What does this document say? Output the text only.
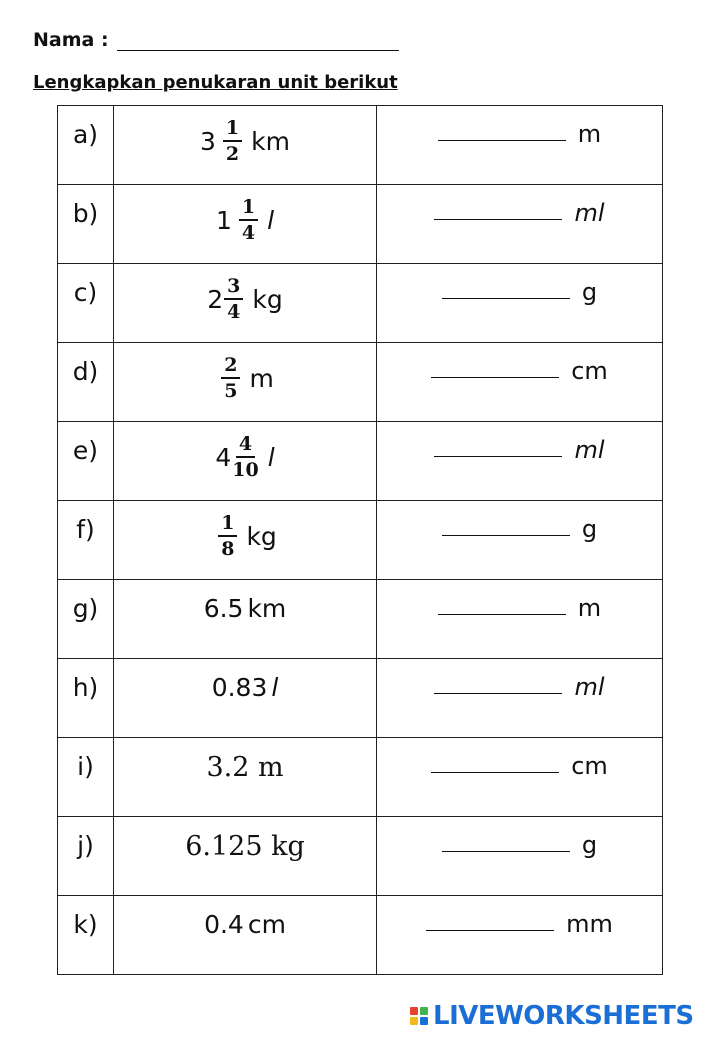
Nama :
Lengkapkan penukaran unit berikut
a)	$3 \frac{1}{2}$ km	m

b)	$1 \frac{1}{4}$ l	ml

c)	$2 \frac{3}{4}$ kg	g

d)	$\frac{2}{5}$ m	cm

e)	$4 \frac{4}{10}$ l	ml

f)	$\frac{1}{8}$ kg	g

g)	6.5 km	m

h)	0.83 l	ml

i)	3.2 m	cm

j)	6.125 kg	g

k)	0.4 cm	mm
LIVEWORKSHEETS
